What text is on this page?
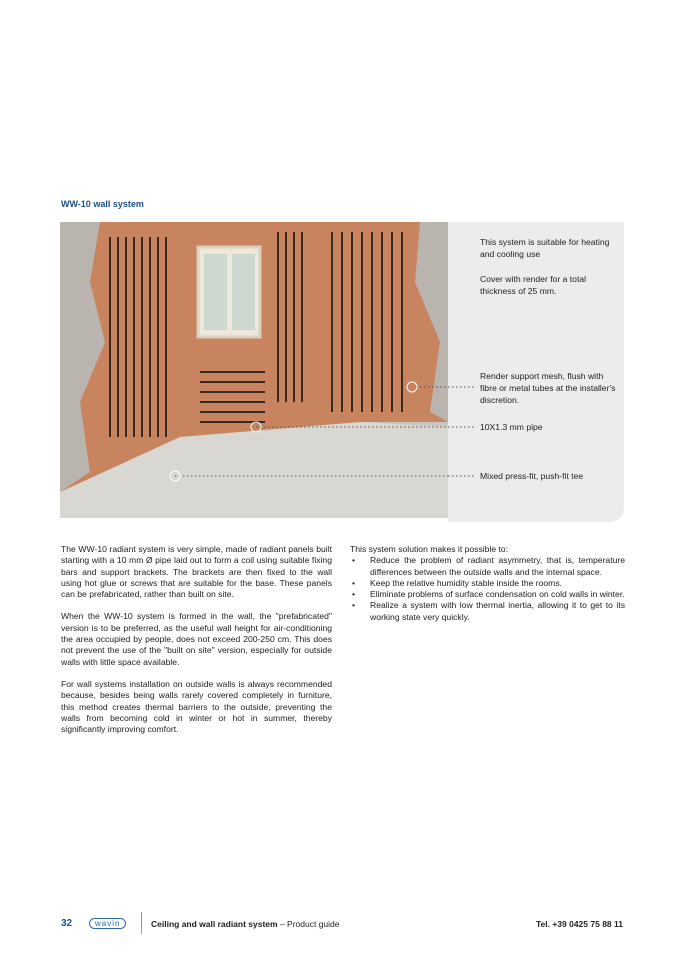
WW-10 wall system
This system is suitable for heating and cooling use
Cover with render for a total thickness of 25 mm.
Render support mesh, flush with fibre or metal tubes at the installer's discretion.
10X1.3 mm pipe
Mixed press-fit, push-fit tee

The WW-10 radiant system is very simple, made of radiant panels built starting with a 10 mm Ø pipe laid out to form a coil using suitable fixing bars and support brackets. The brackets are then fixed to the wall using hot glue or screws that are suitable for the base. These panels can be prefabricated, rather than built on site.

When the WW-10 system is formed in the wall, the "prefabricated" version is to be preferred, as the useful wall height for air-conditioning the area occupied by people, does not exceed 200-250 cm. This does not prevent the use of the "built on site" version, especially for outside walls with little space available.

For wall systems installation on outside walls is always recommended because, besides being walls rarely covered completely in furniture, this method creates thermal barriers to the outside, preventing the walls from becoming cold in winter or hot in summer, thereby significantly improving comfort.

This system solution makes it possible to:
• Reduce the problem of radiant asymmetry, that is, temperature differences between the outside walls and the internal space.
• Keep the relative humidity stable inside the rooms.
• Eliminate problems of surface condensation on cold walls in winter.
• Realize a system with low thermal inertia, allowing it to get to its working state very quickly.
32	wavin	Ceiling and wall radiant system – Product guide	Tel. +39 0425 75 88 11
